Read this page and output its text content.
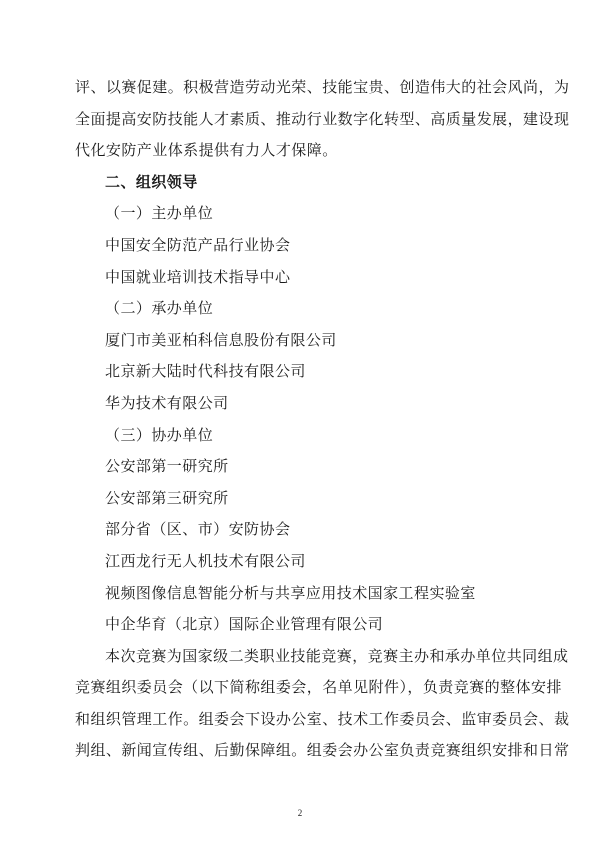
评、以赛促建。积极营造劳动光荣、技能宝贵、创造伟大的社会风尚，为
全面提高安防技能人才素质、推动行业数字化转型、高质量发展，建设现
代化安防产业体系提供有力人才保障。
二、组织领导
（一）主办单位
中国安全防范产品行业协会
中国就业培训技术指导中心
（二）承办单位
厦门市美亚柏科信息股份有限公司
北京新大陆时代科技有限公司
华为技术有限公司
（三）协办单位
公安部第一研究所
公安部第三研究所
部分省（区、市）安防协会
江西龙行无人机技术有限公司
视频图像信息智能分析与共享应用技术国家工程实验室
中企华育（北京）国际企业管理有限公司
本次竞赛为国家级二类职业技能竞赛，竞赛主办和承办单位共同组成
竞赛组织委员会（以下简称组委会，名单见附件），负责竞赛的整体安排
和组织管理工作。组委会下设办公室、技术工作委员会、监审委员会、裁
判组、新闻宣传组、后勤保障组。组委会办公室负责竞赛组织安排和日常
2
